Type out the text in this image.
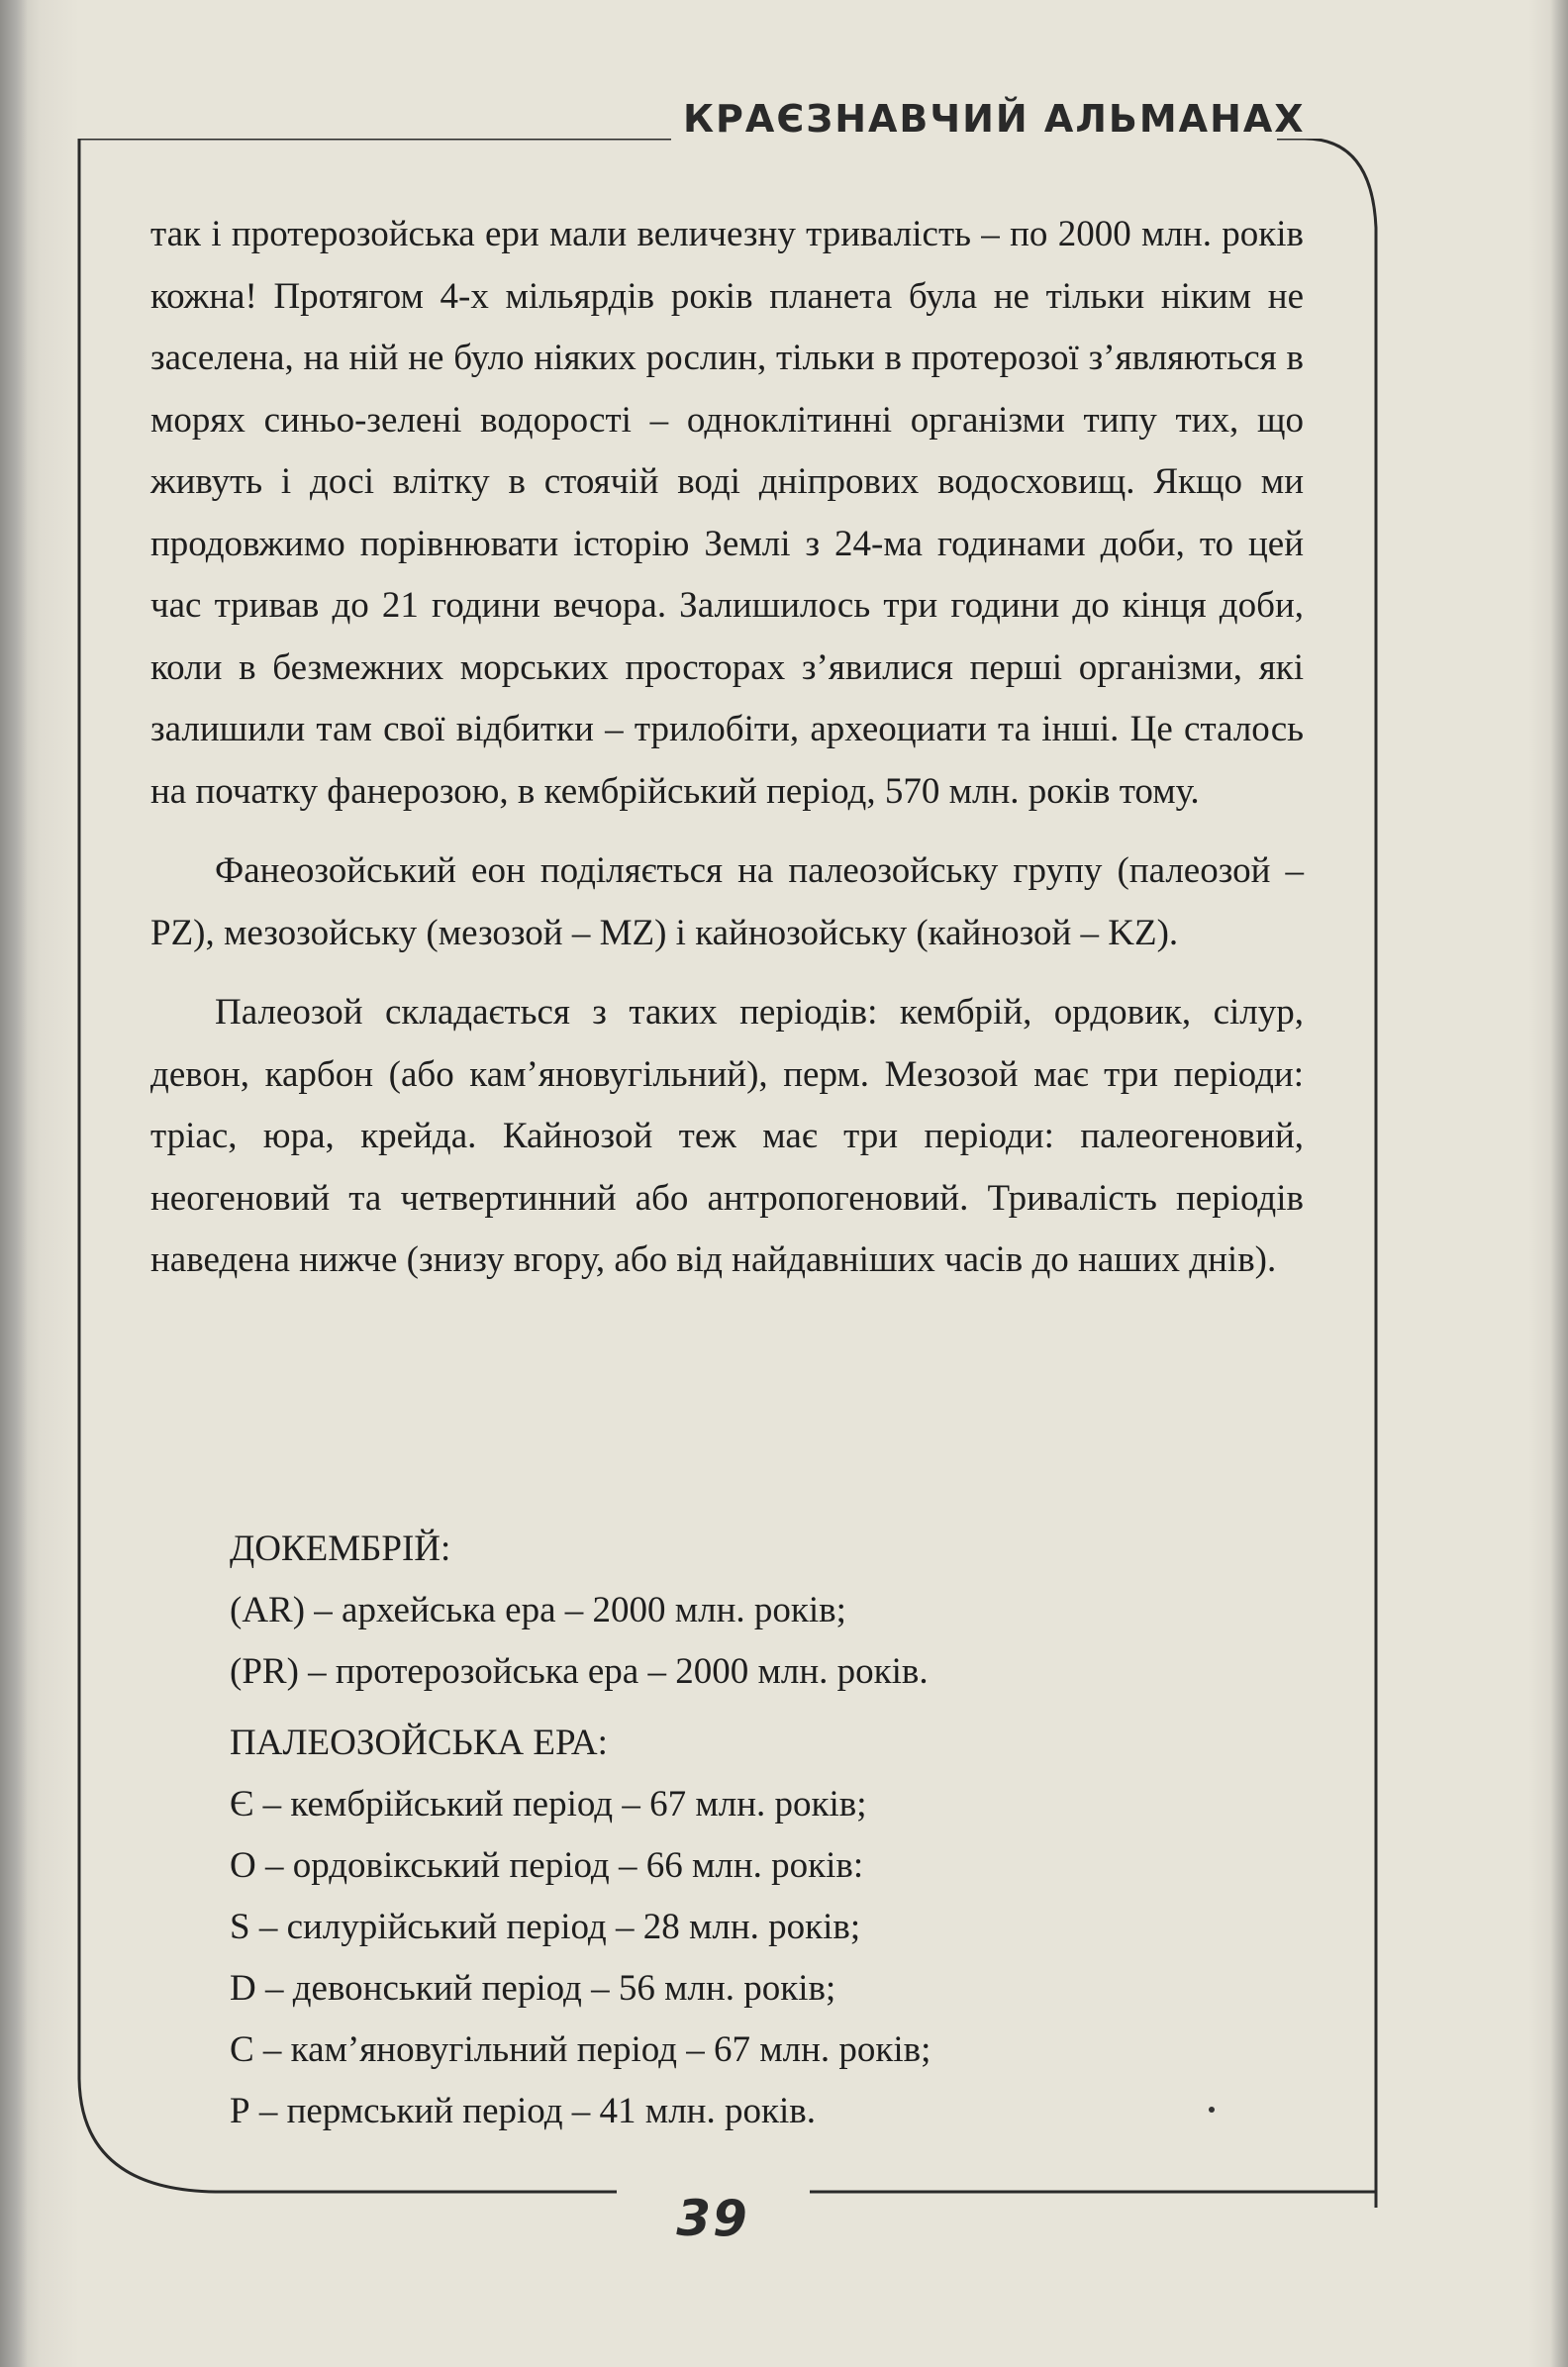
КРАЄЗНАВЧИЙ АЛЬМАНАХ

так і протерозойська ери мали величезну тривалість – по 2000 млн. років кожна! Протягом 4-х мільярдів років планета була не тільки ніким не заселена, на ній не було ніяких рослин, тільки в протерозої з’являються в морях синьо-зелені водорості – одноклітинні організми типу тих, що живуть і досі влітку в стоячій воді дніпрових водосховищ. Якщо ми продовжимо порівнювати історію Землі з 24-ма годинами доби, то цей час тривав до 21 години вечора. Залишилось три години до кінця доби, коли в безмежних морських просторах з’явилися перші організми, які залишили там свої відбитки – трилобіти, археоциати та інші. Це сталось на початку фанерозою, в кембрійський період, 570 млн. років тому.

Фанеозойський еон поділяється на палеозойську групу (палеозой – PZ), мезозойську (мезозой – MZ) і кайнозойську (кайнозой – KZ).

Палеозой складається з таких періодів: кембрій, ордовик, сілур, девон, карбон (або кам’яновугільний), перм. Мезозой має три періоди: тріас, юра, крейда. Кайнозой теж має три періоди: палеогеновий, неогеновий та четвертинний або антропогеновий. Тривалість періодів наведена нижче (знизу вгору, або від найдавніших часів до наших днів).

ДОКЕМБРІЙ:

(AR) – архейська ера – 2000 млн. років;

(PR) – протерозойська ера – 2000 млн. років.

ПАЛЕОЗОЙСЬКА ЕРА:

Є – кембрійський період – 67 млн. років;

О – ордовікський період – 66 млн. років:

S – силурійський період – 28 млн. років;

D – девонський період – 56 млн. років;

С – кам’яновугільний період – 67 млн. років;

Р – пермський період – 41 млн. років.

39
